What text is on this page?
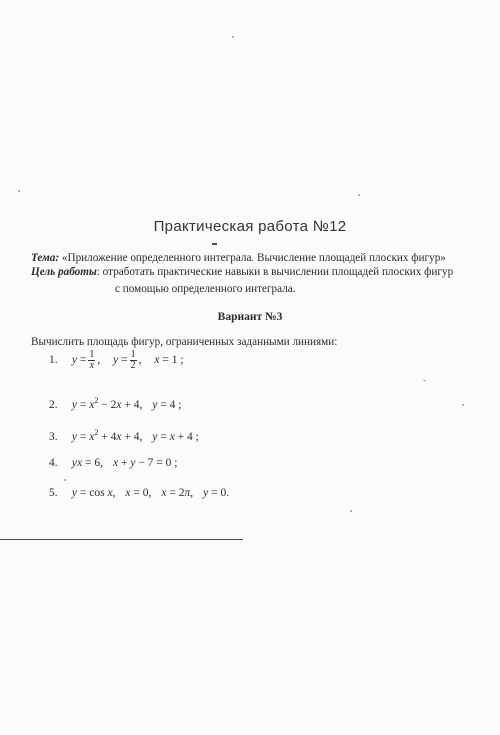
Практическая работа №12
Тема: «Приложение определенного интеграла. Вычисление площадей плоских фигур»
Цель работы: отработать практические навыки в вычислении площадей плоских фигур
с помощью определенного интеграла.
Вариант №3
Вычислить площадь фигур, ограниченных заданными линиями:
1. $y = \frac{1}{x}$ , $y = \frac{1}{2}$ , x = 1 ;
2. $y = x^2 - 2x + 4$, y = 4 ;
3. $y = x^2 + 4x + 4$, y = x + 4 ;
4. yx = 6, x + y − 7 = 0 ;
5. y = cos x, x = 0, x = 2π, y = 0.
